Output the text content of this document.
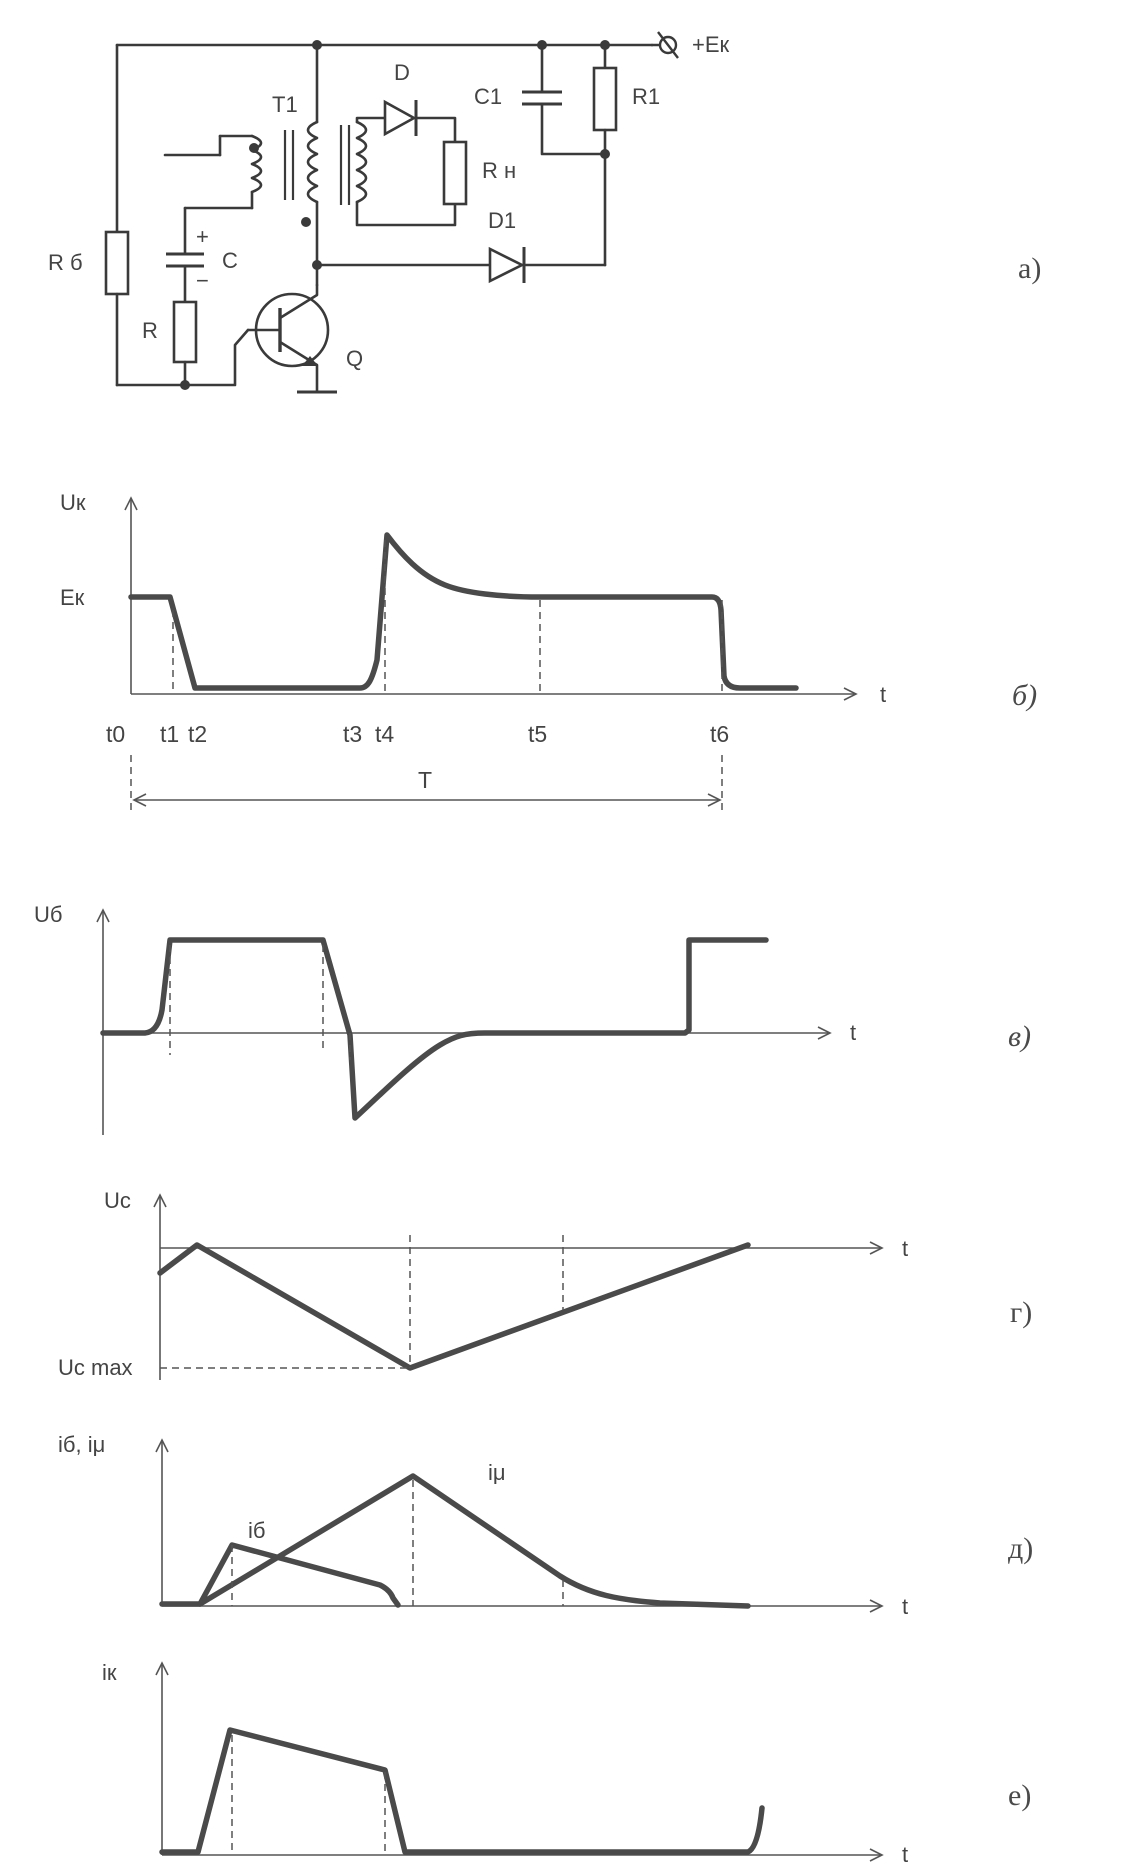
+Eк
R б
+
−
C
R
T1
D
R н
C1	R1
D1
Q
а)
Uк
Eк
t
t0 t1 t2	t3 t4	t5	t6
T
б)
Uб
t	в)
Uc
Uc max
t
г)
iб, iμ
t
iб
iμ
д)
iк
t
е)
